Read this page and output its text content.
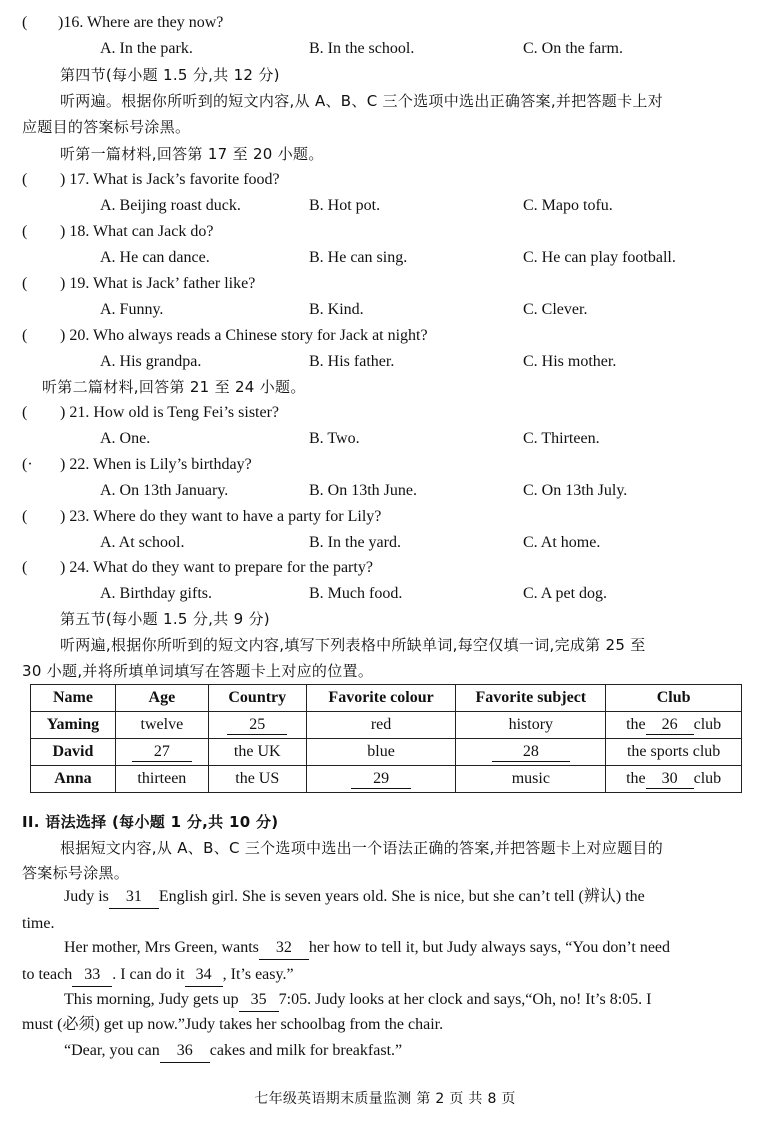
( )16. Where are they now?
A. In the park.	B. In the school.	C. On the farm.
第四节(每小题 1.5 分,共 12 分)
听两遍。根据你所听到的短文内容,从 A、B、C 三个选项中选出正确答案,并把答题卡上对
应题目的答案标号涂黑。
听第一篇材料,回答第 17 至 20 小题。
( ) 17. What is Jack’s favorite food?
A. Beijing roast duck.	B. Hot pot.	C. Mapo tofu.
( ) 18. What can Jack do?
A. He can dance.	B. He can sing.	C. He can play football.
( ) 19. What is Jack’ father like?
A. Funny.	B. Kind.	C. Clever.
( ) 20. Who always reads a Chinese story for Jack at night?
A. His grandpa.	B. His father.	C. His mother.
听第二篇材料,回答第 21 至 24 小题。
( ) 21. How old is Teng Fei’s sister?
A. One.	B. Two.	C. Thirteen.
(· ) 22. When is Lily’s birthday?
A. On 13th January.	B. On 13th June.	C. On 13th July.
( ) 23. Where do they want to have a party for Lily?
A. At school.	B. In the yard.	C. At home.
( ) 24. What do they want to prepare for the party?
A. Birthday gifts.	B. Much food.	C. A pet dog.
第五节(每小题 1.5 分,共 9 分)
听两遍,根据你所听到的短文内容,填写下列表格中所缺单词,每空仅填一词,完成第 25 至
30 小题,并将所填单词填写在答题卡上对应的位置。
Name	Age	Country	Favorite colour	Favorite subject	Club
Yaming	twelve	25	red	history	the 26 club
David	27	the UK	blue	28	the sports club
Anna	thirteen	the US	29	music	the 30 club
II. 语法选择 (每小题 1 分,共 10 分)
根据短文内容,从 A、B、C 三个选项中选出一个语法正确的答案,并把答题卡上对应题目的
答案标号涂黑。
Judy is 31 English girl. She is seven years old. She is nice, but she can’t tell (辨认) the
time.
Her mother, Mrs Green, wants 32 her how to tell it, but Judy always says, “You don’t need
to teach 33 . I can do it 34 , It’s easy.”
This morning, Judy gets up 35 7:05. Judy looks at her clock and says,“Oh, no! It’s 8:05. I
must (必须) get up now.”Judy takes her schoolbag from the chair.
“Dear, you can 36 cakes and milk for breakfast.”
七年级英语期末质量监测 第 2 页 共 8 页
